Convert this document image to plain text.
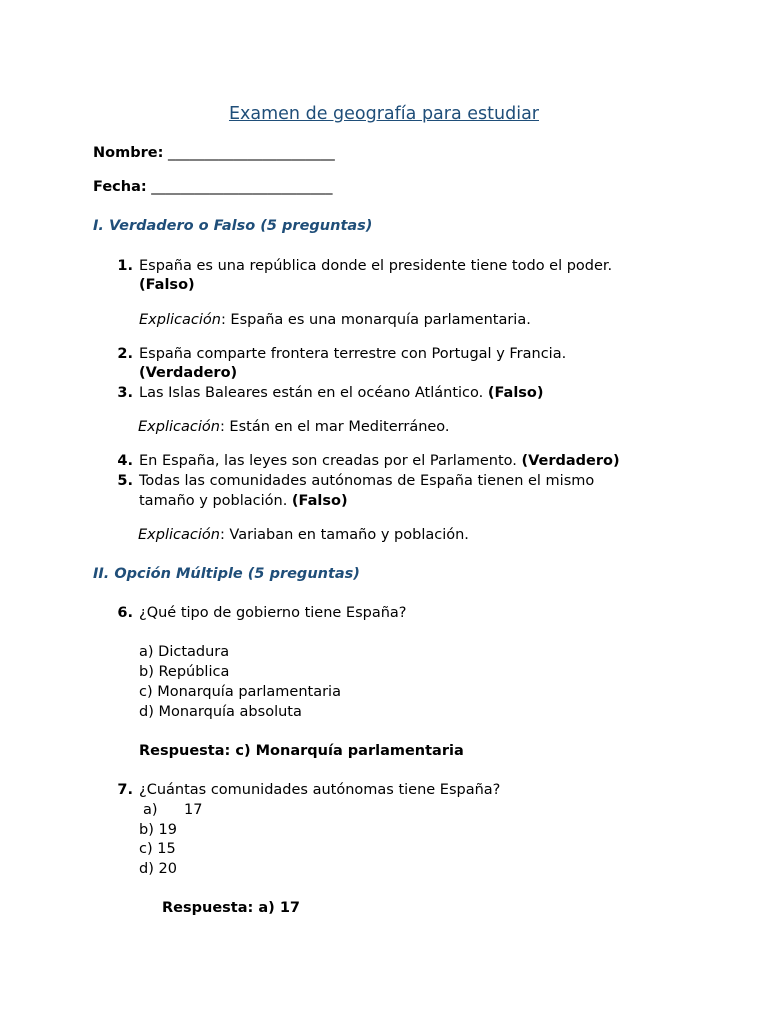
Examen de geografía para estudiar
Nombre: _______________________
Fecha: _________________________
I. Verdadero o Falso (5 preguntas)
1. España es una república donde el presidente tiene todo el poder.
(Falso)
Explicación: España es una monarquía parlamentaria.
2. España comparte frontera terrestre con Portugal y Francia.
(Verdadero)
3. Las Islas Baleares están en el océano Atlántico. (Falso)
Explicación: Están en el mar Mediterráneo.
4. En España, las leyes son creadas por el Parlamento. (Verdadero)
5. Todas las comunidades autónomas de España tienen el mismo
tamaño y población. (Falso)
Explicación: Variaban en tamaño y población.
II. Opción Múltiple (5 preguntas)
6. ¿Qué tipo de gobierno tiene España?
a) Dictadura
b) República
c) Monarquía parlamentaria
d) Monarquía absoluta
Respuesta: c) Monarquía parlamentaria
7. ¿Cuántas comunidades autónomas tiene España?
a) 17
b) 19
c) 15
d) 20
Respuesta: a) 17
